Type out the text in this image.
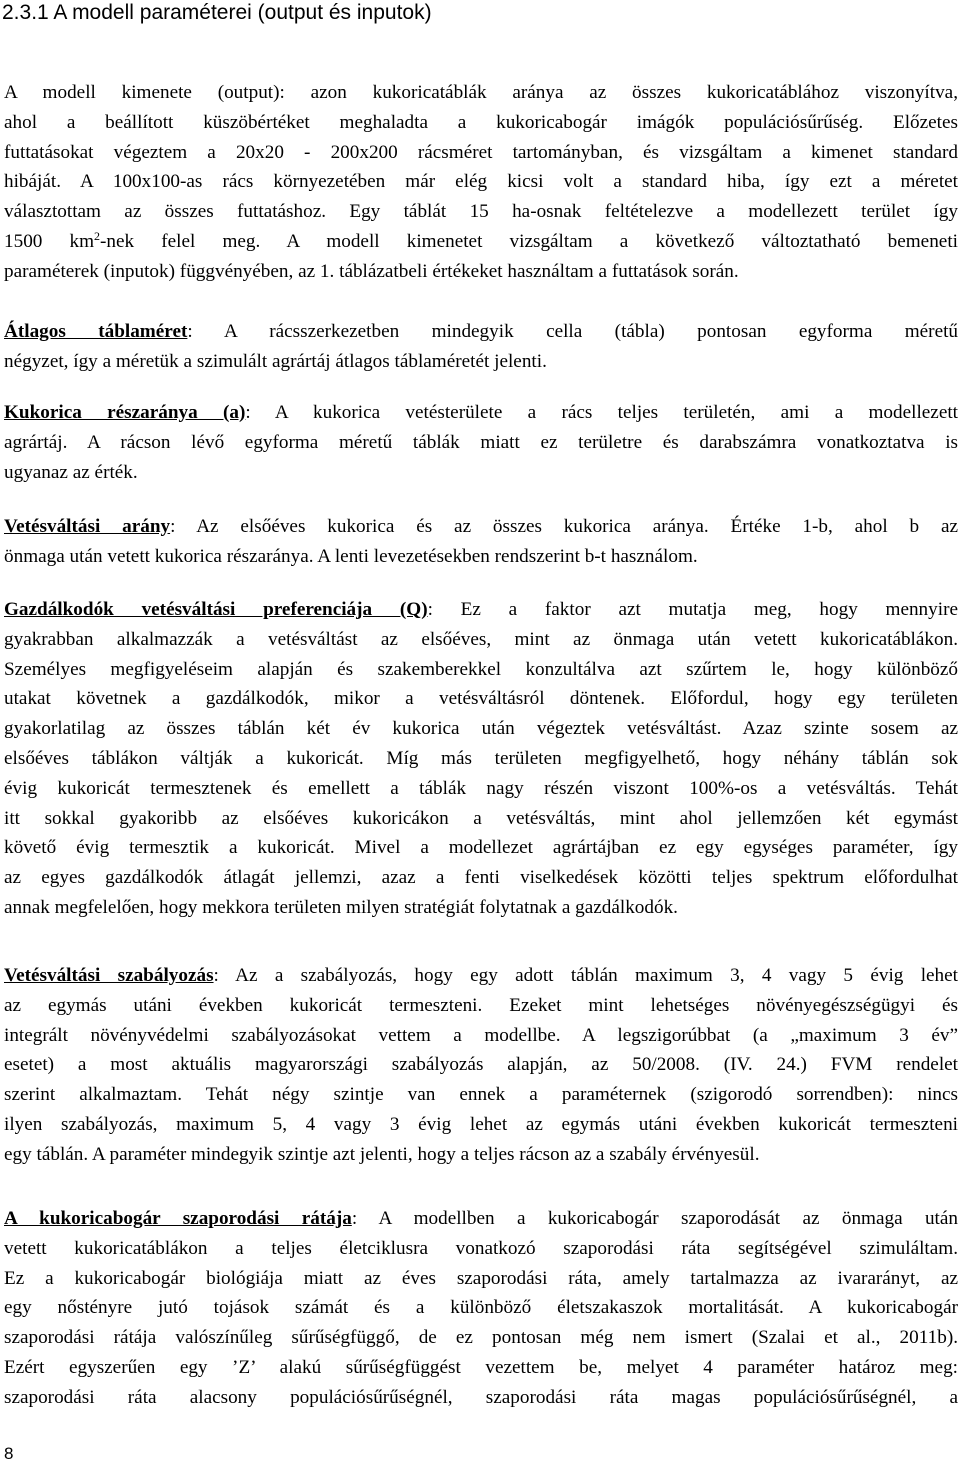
2.3.1 A modell paraméterei (output és inputok)
A modell kimenete (output): azon kukoricatáblák aránya az összes kukoricatáblához viszonyítva,
ahol a beállított küszöbértéket meghaladta a kukoricabogár imágók populációsűrűség. Előzetes
futtatásokat végeztem a 20x20 - 200x200 rácsméret tartományban, és vizsgáltam a kimenet standard
hibáját. A 100x100-as rács környezetében már elég kicsi volt a standard hiba, így ezt a méretet
választottam az összes futtatáshoz. Egy táblát 15 ha-osnak feltételezve a modellezett terület így
1500 $km^2$-nek felel meg. A modell kimenetet vizsgáltam a következő változtatható bemeneti
paraméterek (inputok) függvényében, az 1. táblázatbeli értékeket használtam a futtatások során.
Átlagos táblaméret: A rácsszerkezetben mindegyik cella (tábla) pontosan egyforma méretű
négyzet, így a méretük a szimulált agrártáj átlagos táblaméretét jelenti.
Kukorica részaránya (a): A kukorica vetésterülete a rács teljes területén, ami a modellezett
agrártáj. A rácson lévő egyforma méretű táblák miatt ez területre és darabszámra vonatkoztatva is
ugyanaz az érték.
Vetésváltási arány: Az elsőéves kukorica és az összes kukorica aránya. Értéke 1-b, ahol b az
önmaga után vetett kukorica részaránya. A lenti levezetésekben rendszerint b-t használom.
Gazdálkodók vetésváltási preferenciája (Q): Ez a faktor azt mutatja meg, hogy mennyire
gyakrabban alkalmazzák a vetésváltást az elsőéves, mint az önmaga után vetett kukoricatáblákon.
Személyes megfigyeléseim alapján és szakemberekkel konzultálva azt szűrtem le, hogy különböző
utakat követnek a gazdálkodók, mikor a vetésváltásról döntenek. Előfordul, hogy egy területen
gyakorlatilag az összes táblán két év kukorica után végeztek vetésváltást. Azaz szinte sosem az
elsőéves táblákon váltják a kukoricát. Míg más területen megfigyelhető, hogy néhány táblán sok
évig kukoricát termesztenek és emellett a táblák nagy részén viszont 100%-os a vetésváltás. Tehát
itt sokkal gyakoribb az elsőéves kukoricákon a vetésváltás, mint ahol jellemzően két egymást
követő évig termesztik a kukoricát. Mivel a modellezet agrártájban ez egy egységes paraméter, így
az egyes gazdálkodók átlagát jellemzi, azaz a fenti viselkedések közötti teljes spektrum előfordulhat
annak megfelelően, hogy mekkora területen milyen stratégiát folytatnak a gazdálkodók.
Vetésváltási szabályozás: Az a szabályozás, hogy egy adott táblán maximum 3, 4 vagy 5 évig lehet
az egymás utáni években kukoricát termeszteni. Ezeket mint lehetséges növényegészségügyi és
integrált növényvédelmi szabályozásokat vettem a modellbe. A legszigorúbbat (a „maximum 3 év”
esetet) a most aktuális magyarországi szabályozás alapján, az 50/2008. (IV. 24.) FVM rendelet
szerint alkalmaztam. Tehát négy szintje van ennek a paraméternek (szigorodó sorrendben): nincs
ilyen szabályozás, maximum 5, 4 vagy 3 évig lehet az egymás utáni években kukoricát termeszteni
egy táblán. A paraméter mindegyik szintje azt jelenti, hogy a teljes rácson az a szabály érvényesül.
A kukoricabogár szaporodási rátája: A modellben a kukoricabogár szaporodását az önmaga után
vetett kukoricatáblákon a teljes életciklusra vonatkozó szaporodási ráta segítségével szimuláltam.
Ez a kukoricabogár biológiája miatt az éves szaporodási ráta, amely tartalmazza az ivararányt, az
egy nőstényre jutó tojások számát és a különböző életszakaszok mortalitását. A kukoricabogár
szaporodási rátája valószínűleg sűrűségfüggő, de ez pontosan még nem ismert (Szalai et al., 2011b).
Ezért egyszerűen egy ’Z’ alakú sűrűségfüggést vezettem be, melyet 4 paraméter határoz meg:
szaporodási ráta alacsony populációsűrűségnél, szaporodási ráta magas populációsűrűségnél, a
8
